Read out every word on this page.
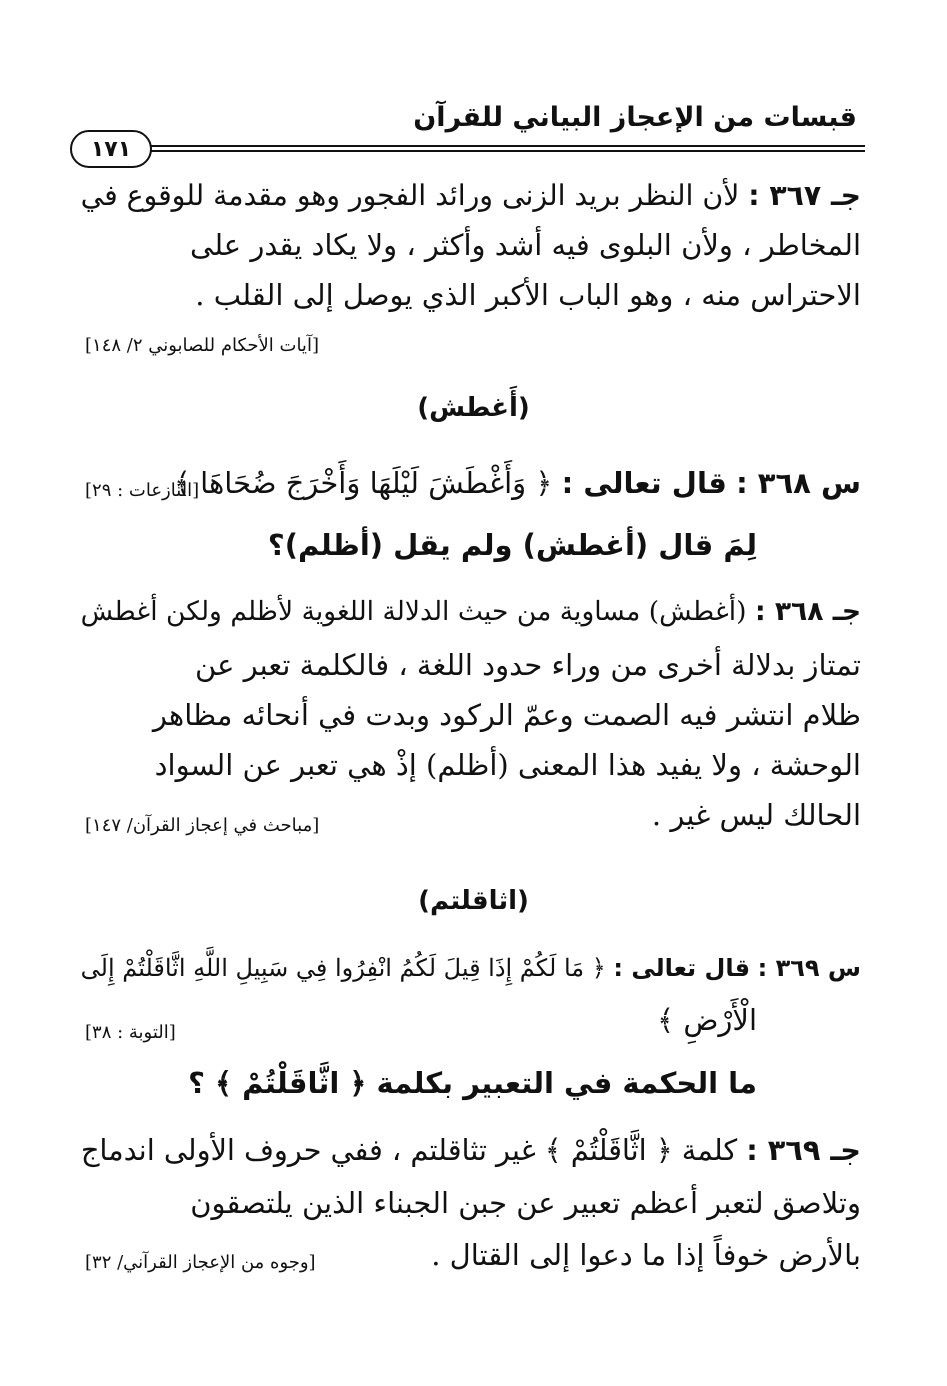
قبسات من الإعجاز البياني للقرآن
١٧١
جـ ٣٦٧ : لأن النظر بريد الزنى ورائد الفجور وهو مقدمة للوقوع في
المخاطر ، ولأن البلوى فيه أشد وأكثر ، ولا يكاد يقدر على
الاحتراس منه ، وهو الباب الأكبر الذي يوصل إلى القلب .
[آيات الأحكام للصابوني ٢/ ١٤٨]
(أَغطش)
س ٣٦٨ : قال تعالى : ﴿ وَأَغْطَشَ لَيْلَهَا وَأَخْرَجَ ضُحَاهَا ﴾
[النازعات : ٢٩]
لِمَ قال (أغطش) ولم يقل (أظلم)؟
جـ ٣٦٨ : (أغطش) مساوية من حيث الدلالة اللغوية لأظلم ولكن أغطش
تمتاز بدلالة أخرى من وراء حدود اللغة ، فالكلمة تعبر عن
ظلام انتشر فيه الصمت وعمّ الركود وبدت في أنحائه مظاهر
الوحشة ، ولا يفيد هذا المعنى (أظلم) إذْ هي تعبر عن السواد
الحالك ليس غير .
[مباحث في إعجاز القرآن/ ١٤٧]
(اثاقلتم)
س ٣٦٩ : قال تعالى : ﴿ مَا لَكُمْ إِذَا قِيلَ لَكُمُ انْفِرُوا فِي سَبِيلِ اللَّهِ اثَّاقَلْتُمْ إِلَى
الْأَرْضِ ﴾
[التوبة : ٣٨]
ما الحكمة في التعبير بكلمة ﴿ اثَّاقَلْتُمْ ﴾ ؟
جـ ٣٦٩ : كلمة ﴿ اثَّاقَلْتُمْ ﴾ غير تثاقلتم ، ففي حروف الأولى اندماج
وتلاصق لتعبر أعظم تعبير عن جبن الجبناء الذين يلتصقون
بالأرض خوفاً إذا ما دعوا إلى القتال .
[وجوه من الإعجاز القرآني/ ٣٢]
